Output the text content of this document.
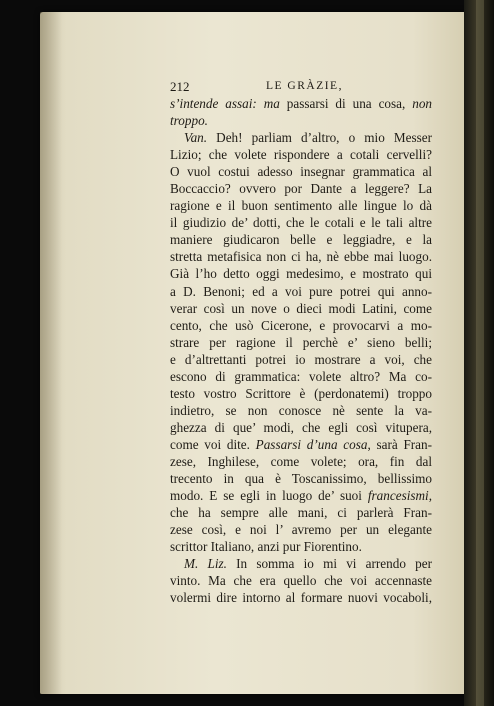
212	LE GRÀZIE,
s’intende assai: ma passarsi di una cosa, non
troppo.
Van. Deh! parliam d’altro, o mio Messer
Lizio; che volete rispondere a cotali cervelli?
O vuol costui adesso insegnar grammatica al
Boccaccio? ovvero por Dante a leggere? La
ragione e il buon sentimento alle lingue lo dà
il giudizio de’ dotti, che le cotali e le tali altre
maniere giudicaron belle e leggiadre, e la
stretta metafisica non ci ha, nè ebbe mai luogo.
Già l’ho detto oggi medesimo, e mostrato qui
a D. Benoni; ed a voi pure potrei qui anno-
verar così un nove o dieci modi Latini, come
cento, che usò Cicerone, e provocarvi a mo-
strare per ragione il perchè e’ sieno belli;
e d’altrettanti potrei io mostrare a voi, che
escono di grammatica: volete altro? Ma co-
testo vostro Scrittore è (perdonatemi) troppo
indietro, se non conosce nè sente la va-
ghezza di que’ modi, che egli così vitupera,
come voi dite. Passarsi d’una cosa, sarà Fran-
zese, Inghilese, come volete; ora, fin dal
trecento in qua è Toscanissimo, bellissimo
modo. E se egli in luogo de’ suoi francesismi,
che ha sempre alle mani, ci parlerà Fran-
zese così, e noi l’ avremo per un elegante
scrittor Italiano, anzi pur Fiorentino.
M. Liz. In somma io mi vi arrendo per
vinto. Ma che era quello che voi accennaste
volermi dire intorno al formare nuovi vocaboli,
